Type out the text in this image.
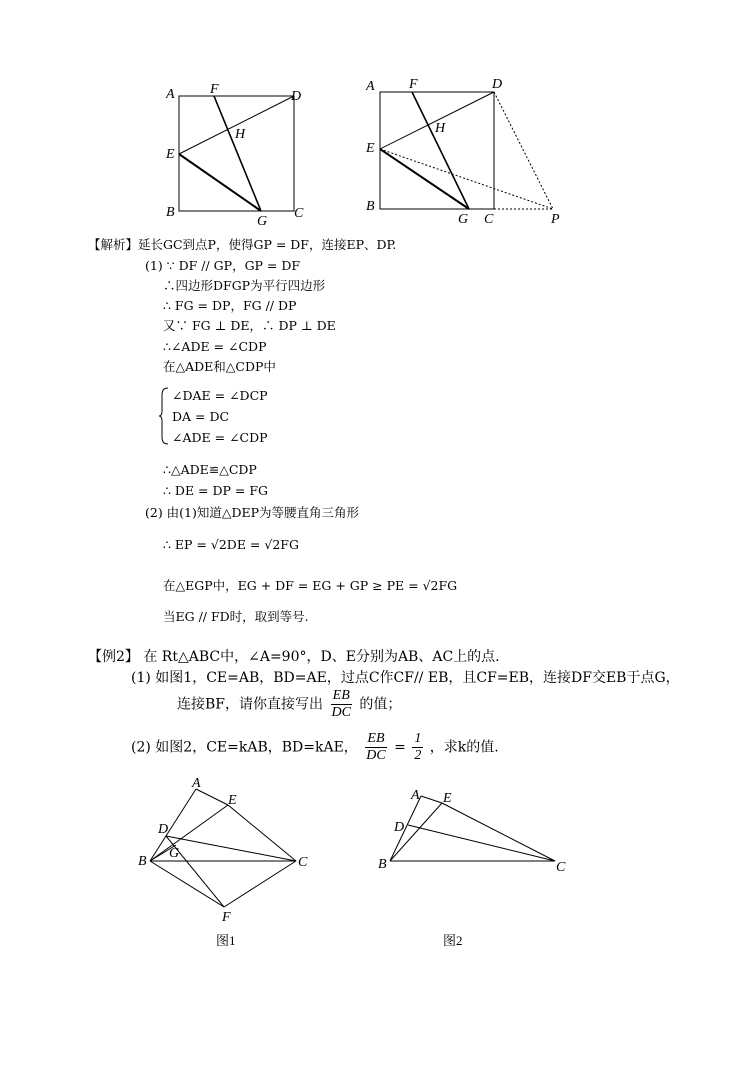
A	F	D
H
E
B
G
C
A F	D
H
E
B
G C	P
【解析】延长GC到点P，使得GP = DF，连接EP、DP.
(1) ∵ DF // GP，GP = DF
∴四边形DFGP为平行四边形
∴ FG = DP，FG // DP
又∵ FG ⊥ DE，∴ DP ⊥ DE
∴∠ADE = ∠CDP
在△ADE和△CDP中
∠DAE = ∠DCP
DA = DC
∠ADE = ∠CDP
∴△ADE≌△CDP
∴ DE = DP = FG
(2) 由(1)知道△DEP为等腰直角三角形
∴ EP = √2DE = √2FG
在△EGP中，EG + DF = EG + GP ≥ PE = √2FG
当EG // FD时，取到等号.
【例2】 在 Rt△ABC中，∠A=90°，D、E分别为AB、AC上的点.
(1) 如图1，CE=AB，BD=AE，过点C作CF// EB，且CF=EB，连接DF交EB于点G，
连接BF，请你直接写出 $\frac{EB}{DC}$ 的值；
(2) 如图2，CE=kAB，BD=kAE， $\frac{EB}{DC} = \frac{1}{2}$ ，求k的值.
A
E
D
G
B	C
F
图1
A E
D
B	C
图2
